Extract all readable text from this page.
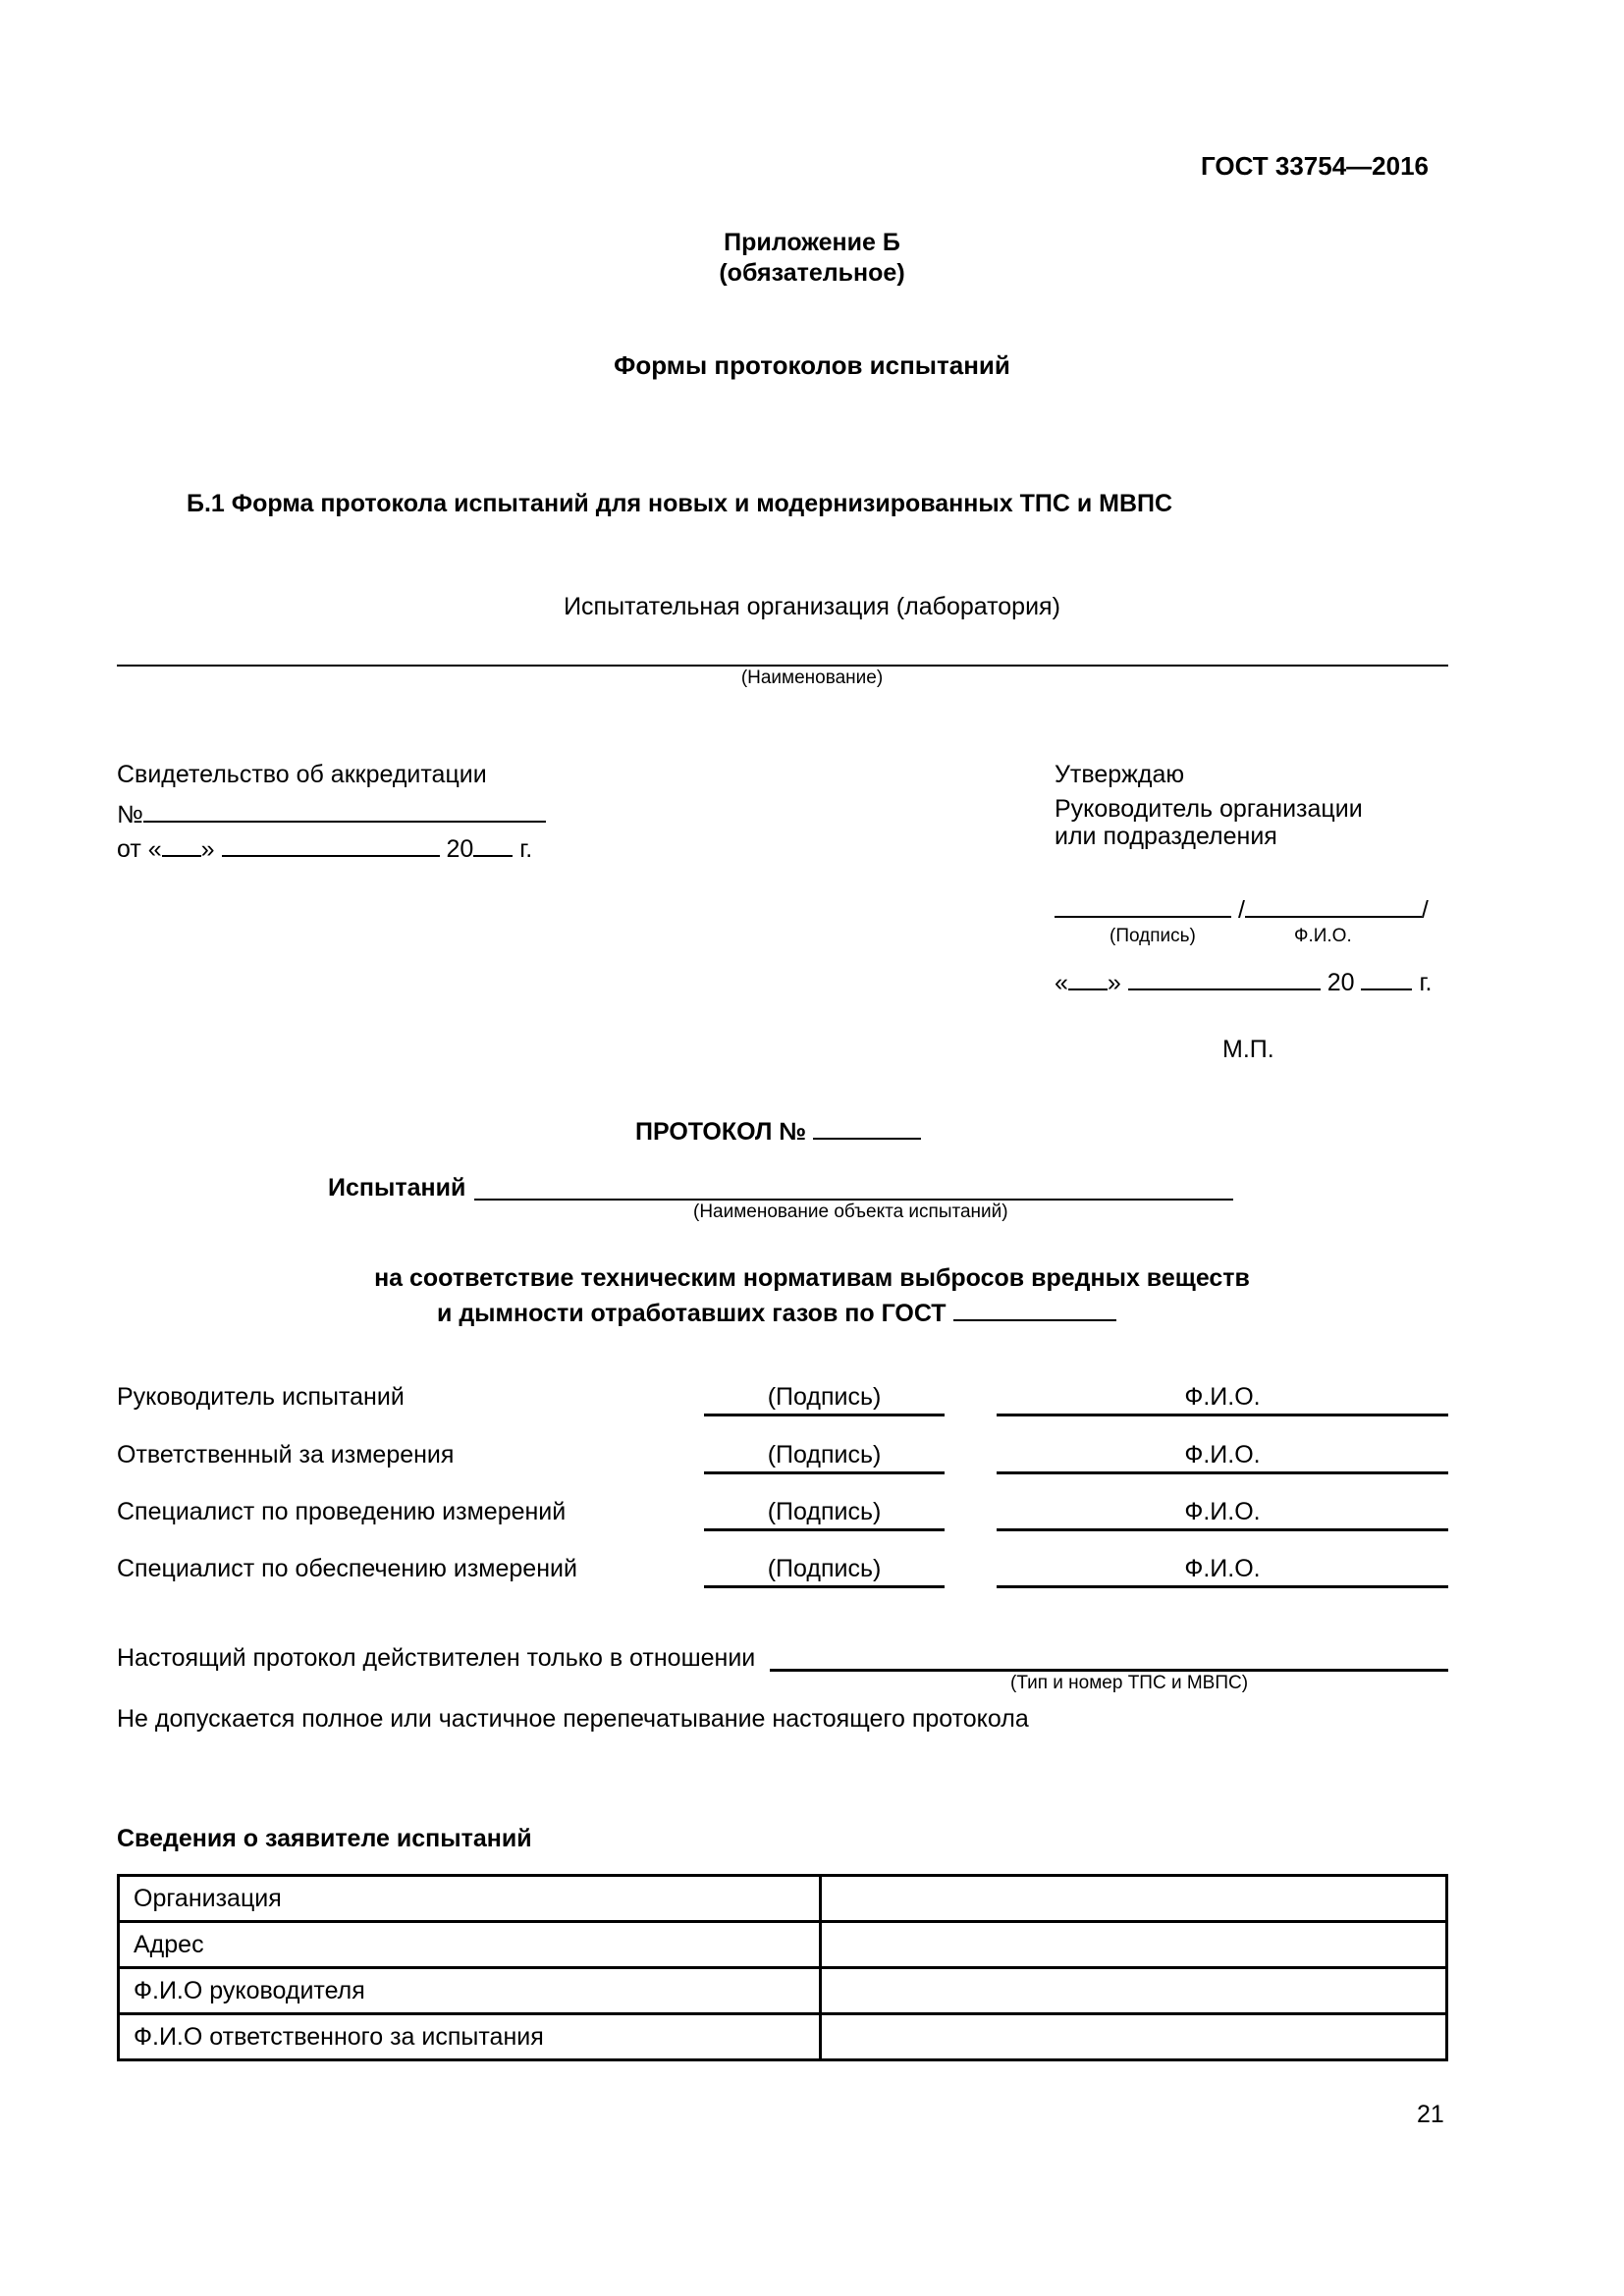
ГОСТ 33754—2016
Приложение Б
(обязательное)
Формы протоколов испытаний
Б.1 Форма протокола испытаний для новых и модернизированных ТПС и МВПС
Испытательная организация (лаборатория)
(Наименование)
Свидетельство об аккредитации
№
от « »	20 г.
Утверждаю
Руководитель организации
или подразделения
/	/
(Подпись)	Ф.И.О.
« »	20	г.
М.П.
ПРОТОКОЛ №
Испытаний
(Наименование объекта испытаний)
на соответствие техническим нормативам выбросов вредных веществ
и дымности отработавших газов по ГОСТ
Руководитель испытаний	(Подпись)	Ф.И.О.
Ответственный за измерения	(Подпись)	Ф.И.О.
Специалист по проведению измерений	(Подпись)	Ф.И.О.
Специалист по обеспечению измерений	(Подпись)	Ф.И.О.
Настоящий протокол действителен только в отношении
(Тип и номер ТПС и МВПС)
Не допускается полное или частичное перепечатывание настоящего протокола
Сведения о заявителе испытаний
Организация	
Адрес	
Ф.И.О руководителя	
Ф.И.О ответственного за испытания	
21
